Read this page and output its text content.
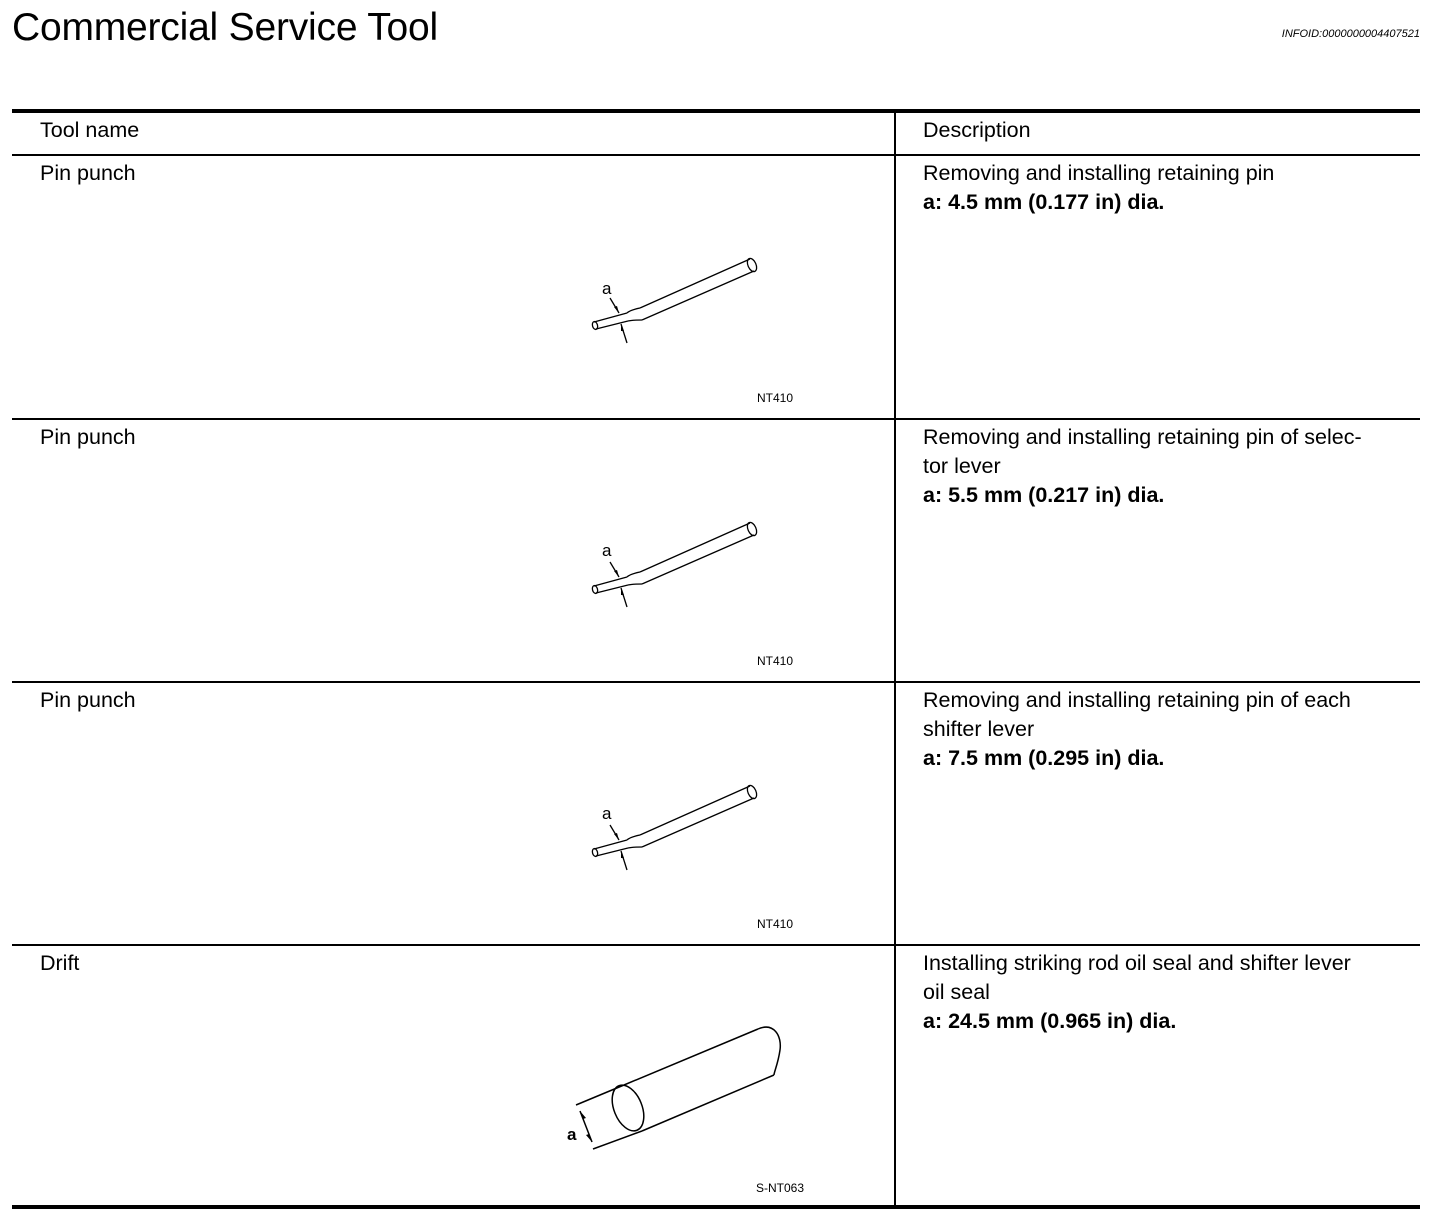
Commercial Service Tool	INFOID:0000000004407521
Tool name	Description
Pin punch	Removing and installing retaining pin
a: 4.5 mm (0.177 in) dia.
a
NT410
Pin punch	Removing and installing retaining pin of selec-
tor lever
a: 5.5 mm (0.217 in) dia.
a
NT410
Pin punch	Removing and installing retaining pin of each
shifter lever
a: 7.5 mm (0.295 in) dia.
a
NT410
Drift	Installing striking rod oil seal and shifter lever
oil seal
a: 24.5 mm (0.965 in) dia.
a
S-NT063
